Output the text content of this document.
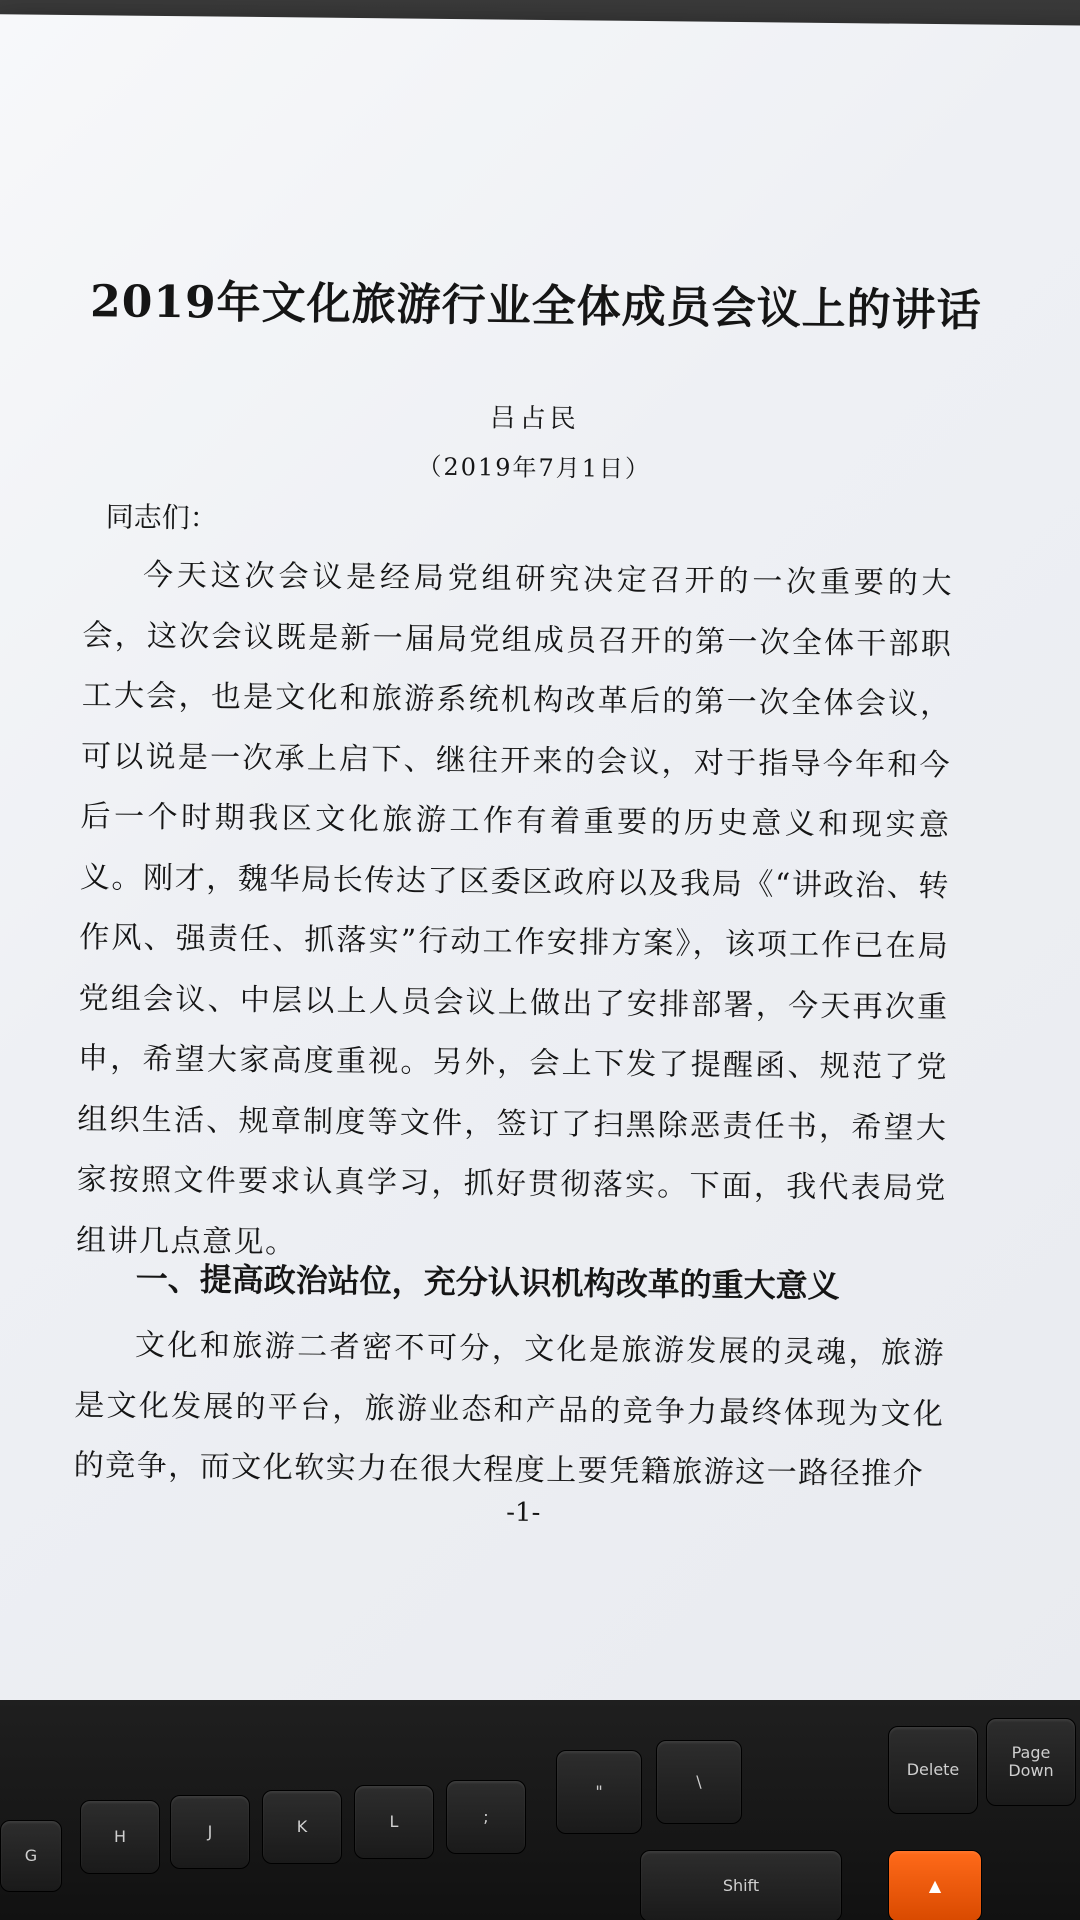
2019年文化旅游行业全体成员会议上的讲话
吕占民
（2019年7月1日）
同志们：
今天这次会议是经局党组研究决定召开的一次重要的大会，这次会议既是新一届局党组成员召开的第一次全体干部职工大会，也是文化和旅游系统机构改革后的第一次全体会议，可以说是一次承上启下、继往开来的会议，对于指导今年和今后一个时期我区文化旅游工作有着重要的历史意义和现实意义。刚才，魏华局长传达了区委区政府以及我局《“讲政治、转作风、强责任、抓落实”行动工作安排方案》，该项工作已在局党组会议、中层以上人员会议上做出了安排部署，今天再次重申，希望大家高度重视。另外，会上下发了提醒函、规范了党组织生活、规章制度等文件，签订了扫黑除恶责任书，希望大家按照文件要求认真学习，抓好贯彻落实。下面，我代表局党组讲几点意见。
一、提高政治站位，充分认识机构改革的重大意义
文化和旅游二者密不可分，文化是旅游发展的灵魂，旅游是文化发展的平台，旅游业态和产品的竞争力最终体现为文化的竞争，而文化软实力在很大程度上要凭籍旅游这一路径推介
-1-
G
H	J	K	L	;
"
\
Delete
Page Down
Shift	▲
